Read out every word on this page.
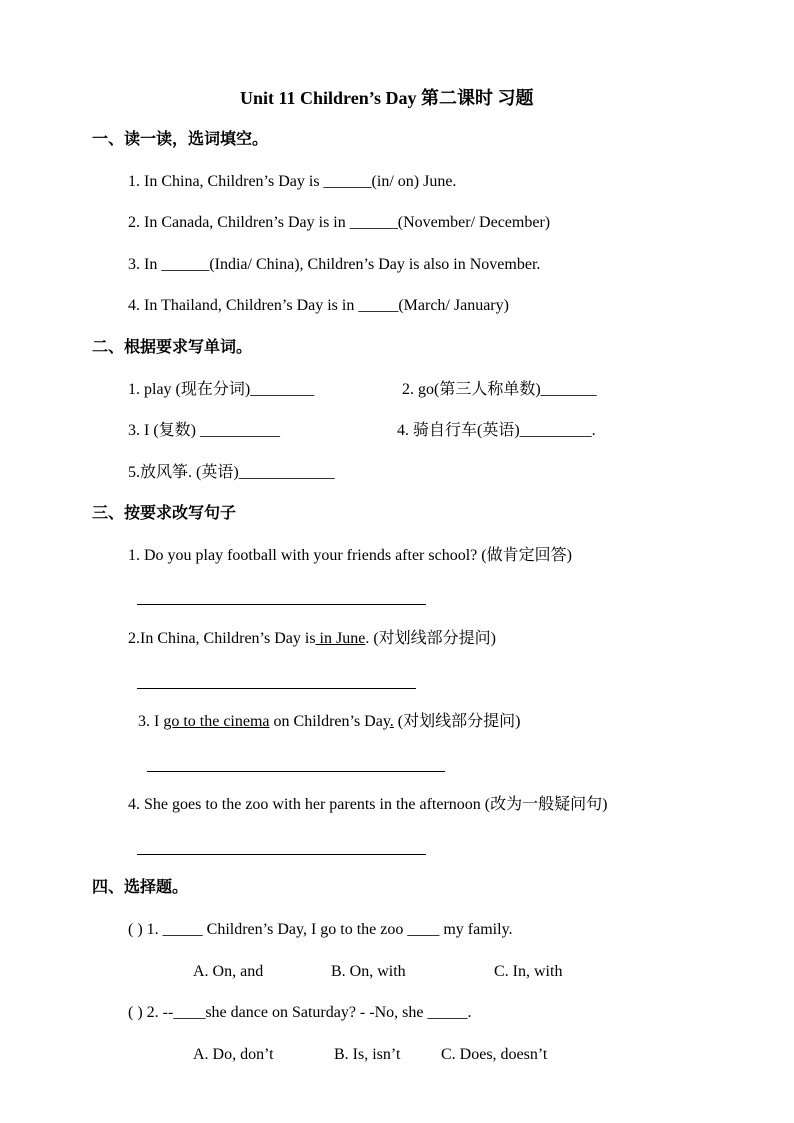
Unit 11 Children’s Day 第二课时 习题
一、读一读，选词填空。
1. In China, Children’s Day is ______(in/ on) June.
2. In Canada, Children’s Day is in ______(November/ December)
3. In ______(India/ China), Children’s Day is also in November.
4. In Thailand, Children’s Day is in _____(March/ January)
二、根据要求写单词。
1. play (现在分词)________	2. go(第三人称单数)_______
3. I (复数) __________	4. 骑自行车(英语)_________.
5.放风筝. (英语)____________
三、按要求改写句子
1. Do you play football with your friends after school? (做肯定回答)
2.In China, Children’s Day is in June. (对划线部分提问)
3. I go to the cinema on Children’s Day. (对划线部分提问)
4. She goes to the zoo with her parents in the afternoon (改为一般疑问句)
四、选择题。
( ) 1. _____ Children’s Day, I go to the zoo ____ my family.
A. On, and	B. On, with	C. In, with
( ) 2. --____she dance on Saturday? - -No, she _____.
A. Do, don’t	B. Is, isn’t	C. Does, doesn’t
